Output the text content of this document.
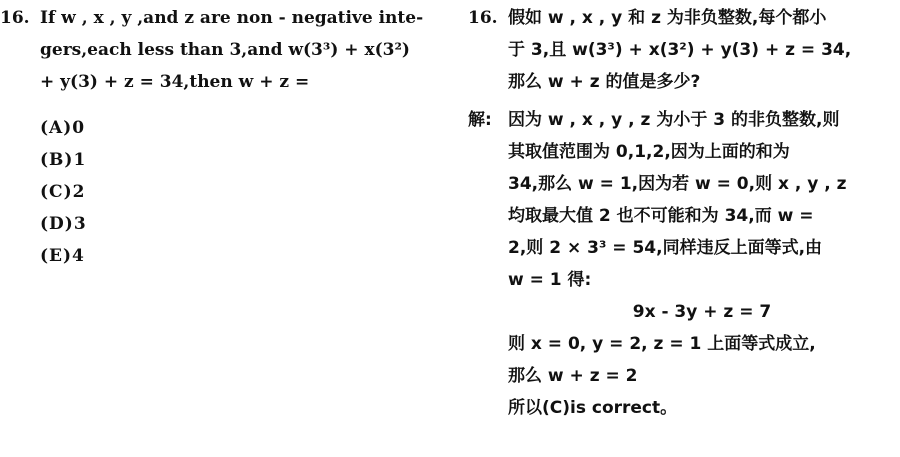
16. If w , x , y ,and z are non - negative inte-
gers,each less than 3,and w(3³) + x(3²)
+ y(3) + z = 34,then w + z =
(A)0
(B)1
(C)2
(D)3
(E)4
16. 假如 w , x , y 和 z 为非负整数,每个都小
于 3,且 w(3³) + x(3²) + y(3) + z = 34,
那么 w + z 的值是多少?
解: 因为 w , x , y , z 为小于 3 的非负整数,则
其取值范围为 0,1,2,因为上面的和为
34,那么 w = 1,因为若 w = 0,则 x , y , z
均取最大值 2 也不可能和为 34,而 w =
2,则 2 × 3³ = 54,同样违反上面等式,由
w = 1 得:
9x - 3y + z = 7
则 x = 0, y = 2, z = 1 上面等式成立,
那么 w + z = 2
所以(C)is correct。
